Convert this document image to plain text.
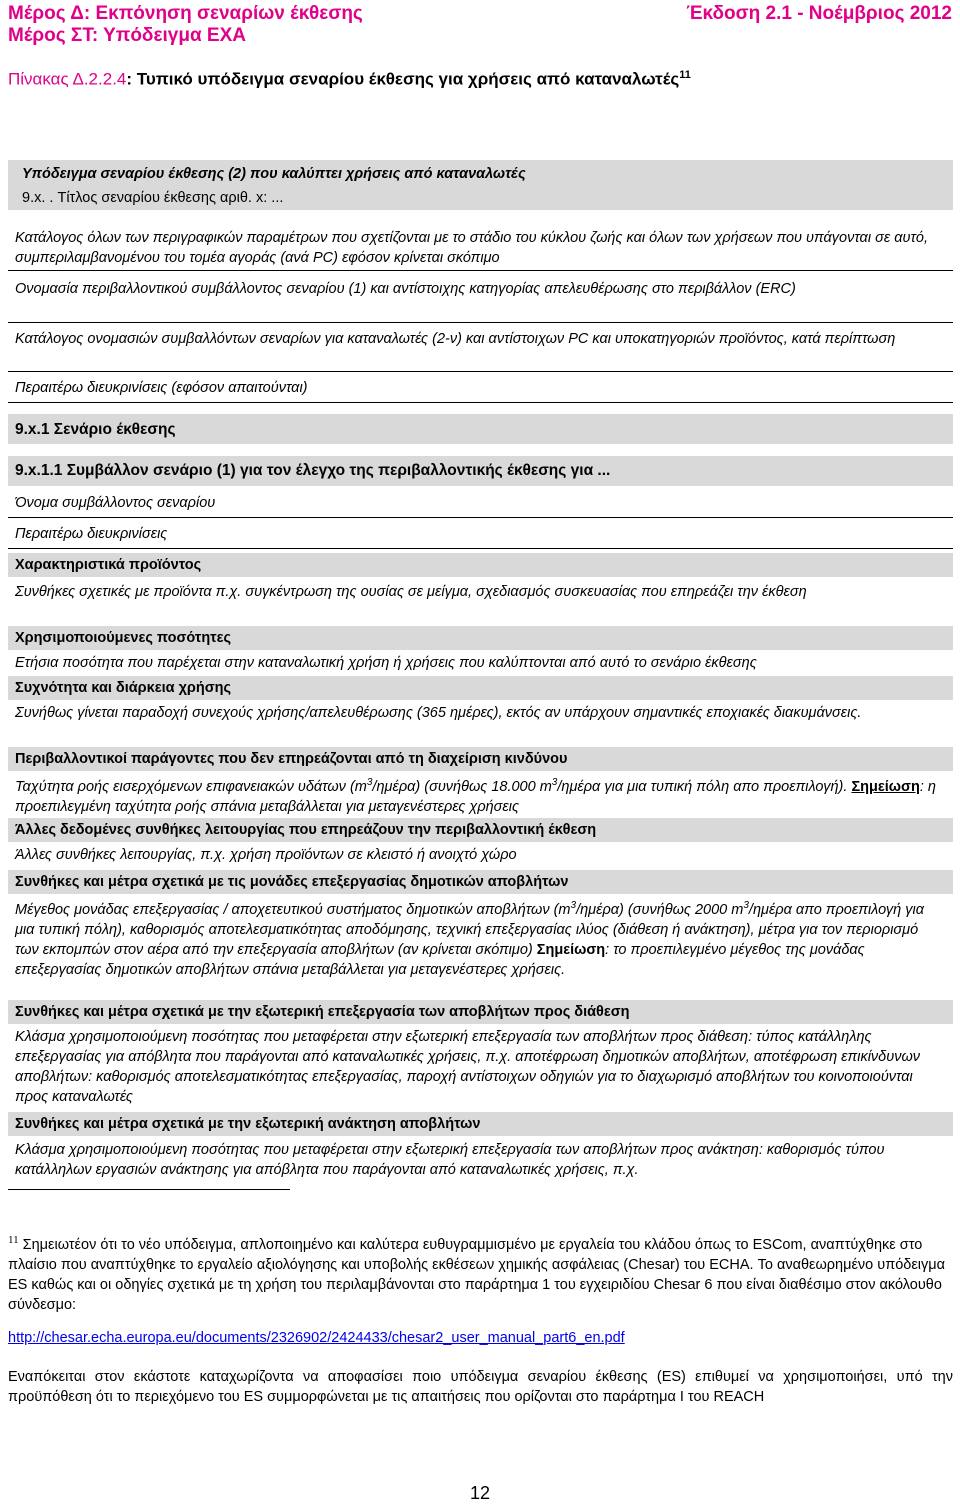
Μέρος Δ: Εκπόνηση σεναρίων έκθεσης	Έκδοση 2.1 - Νοέμβριος 2012
Μέρος ΣΤ: Υπόδειγμα ΕΧΑ
Πίνακας Δ.2.2.4: Τυπικό υπόδειγμα σεναρίου έκθεσης για χρήσεις από καταναλωτές$^{11}$
Υπόδειγμα σεναρίου έκθεσης (2) που καλύπτει χρήσεις από καταναλωτές
9.x. . Τίτλος σεναρίου έκθεσης αριθ. x: ...
Κατάλογος όλων των περιγραφικών παραμέτρων που σχετίζονται με το στάδιο του κύκλου ζωής και όλων των χρήσεων που υπάγονται σε αυτό, συμπεριλαμβανομένου του τομέα αγοράς (ανά PC) εφόσον κρίνεται σκόπιμο
Ονομασία περιβαλλοντικού συμβάλλοντος σεναρίου (1) και αντίστοιχης κατηγορίας απελευθέρωσης στο περιβάλλον (ERC)
Κατάλογος ονομασιών συμβαλλόντων σεναρίων για καταναλωτές (2-ν) και αντίστοιχων PC και υποκατηγοριών προϊόντος, κατά περίπτωση
Περαιτέρω διευκρινίσεις (εφόσον απαιτούνται)
9.x.1 Σενάριο έκθεσης
9.x.1.1 Συμβάλλον σενάριο (1) για τον έλεγχο της περιβαλλοντικής έκθεσης για ...
Όνομα συμβάλλοντος σεναρίου
Περαιτέρω διευκρινίσεις
Χαρακτηριστικά προϊόντος
Συνθήκες σχετικές με προϊόντα π.χ. συγκέντρωση της ουσίας σε μείγμα, σχεδιασμός συσκευασίας που επηρεάζει την έκθεση
Χρησιμοποιούμενες ποσότητες
Ετήσια ποσότητα που παρέχεται στην καταναλωτική χρήση ή χρήσεις που καλύπτονται από αυτό το σενάριο έκθεσης
Συχνότητα και διάρκεια χρήσης
Συνήθως γίνεται παραδοχή συνεχούς χρήσης/απελευθέρωσης (365 ημέρες), εκτός αν υπάρχουν σημαντικές εποχιακές διακυμάνσεις.
Περιβαλλοντικοί παράγοντες που δεν επηρεάζονται από τη διαχείριση κινδύνου
Ταχύτητα ροής εισερχόμενων επιφανειακών υδάτων $(m^3/\eta\mu έ\rho\alpha)$ (συνήθως 18.000 $m^3$/ημέρα για μια τυπική πόλη απο προεπιλογή). Σημείωση: η προεπιλεγμένη ταχύτητα ροής σπάνια μεταβάλλεται για μεταγενέστερες χρήσεις
Άλλες δεδομένες συνθήκες λειτουργίας που επηρεάζουν την περιβαλλοντική έκθεση
Άλλες συνθήκες λειτουργίας, π.χ. χρήση προϊόντων σε κλειστό ή ανοιχτό χώρο
Συνθήκες και μέτρα σχετικά με τις μονάδες επεξεργασίας δημοτικών αποβλήτων
Μέγεθος μονάδας επεξεργασίας / αποχετευτικού συστήματος δημοτικών αποβλήτων $(m^3/\eta\mu έ\rho\alpha)$ (συνήθως 2000 $m^3$/ημέρα απο προεπιλογή για μια τυπική πόλη), καθορισμός αποτελεσματικότητας αποδόμησης, τεχνική επεξεργασίας ιλύος (διάθεση ή ανάκτηση), μέτρα για τον περιορισμό των εκπομπών στον αέρα από την επεξεργασία αποβλήτων (αν κρίνεται σκόπιμο) Σημείωση: το προεπιλεγμένο μέγεθος της μονάδας επεξεργασίας δημοτικών αποβλήτων σπάνια μεταβάλλεται για μεταγενέστερες χρήσεις.
Συνθήκες και μέτρα σχετικά με την εξωτερική επεξεργασία των αποβλήτων προς διάθεση
Κλάσμα χρησιμοποιούμενη ποσότητας που μεταφέρεται στην εξωτερική επεξεργασία των αποβλήτων προς διάθεση: τύπος κατάλληλης επεξεργασίας για απόβλητα που παράγονται από καταναλωτικές χρήσεις, π.χ. αποτέφρωση δημοτικών αποβλήτων, αποτέφρωση επικίνδυνων αποβλήτων: καθορισμός αποτελεσματικότητας επεξεργασίας, παροχή αντίστοιχων οδηγιών για το διαχωρισμό αποβλήτων του κοινοποιούνται προς καταναλωτές
Συνθήκες και μέτρα σχετικά με την εξωτερική ανάκτηση αποβλήτων
Κλάσμα χρησιμοποιούμενη ποσότητας που μεταφέρεται στην εξωτερική επεξεργασία των αποβλήτων προς ανάκτηση: καθορισμός τύπου κατάλληλων εργασιών ανάκτησης για απόβλητα που παράγονται από καταναλωτικές χρήσεις, π.χ.
$^{11}$ Σημειωτέον ότι το νέο υπόδειγμα, απλοποιημένο και καλύτερα ευθυγραμμισμένο με εργαλεία του κλάδου όπως το ESCom, αναπτύχθηκε στο πλαίσιο που αναπτύχθηκε το εργαλείο αξιολόγησης και υποβολής εκθέσεων χημικής ασφάλειας (Chesar) του ECHA. Το αναθεωρημένο υπόδειγμα ES καθώς και οι οδηγίες σχετικά με τη χρήση του περιλαμβάνονται στο παράρτημα 1 του εγχειριδίου Chesar 6 που είναι διαθέσιμο στον ακόλουθο σύνδεσμο:
http://chesar.echa.europa.eu/documents/2326902/2424433/chesar2_user_manual_part6_en.pdf
Εναπόκειται στον εκάστοτε καταχωρίζοντα να αποφασίσει ποιο υπόδειγμα σεναρίου έκθεσης (ES) επιθυμεί να χρησιμοποιήσει, υπό την προϋπόθεση ότι το περιεχόμενο του ES συμμορφώνεται με τις απαιτήσεις που ορίζονται στο παράρτημα Ι του REACH
12
